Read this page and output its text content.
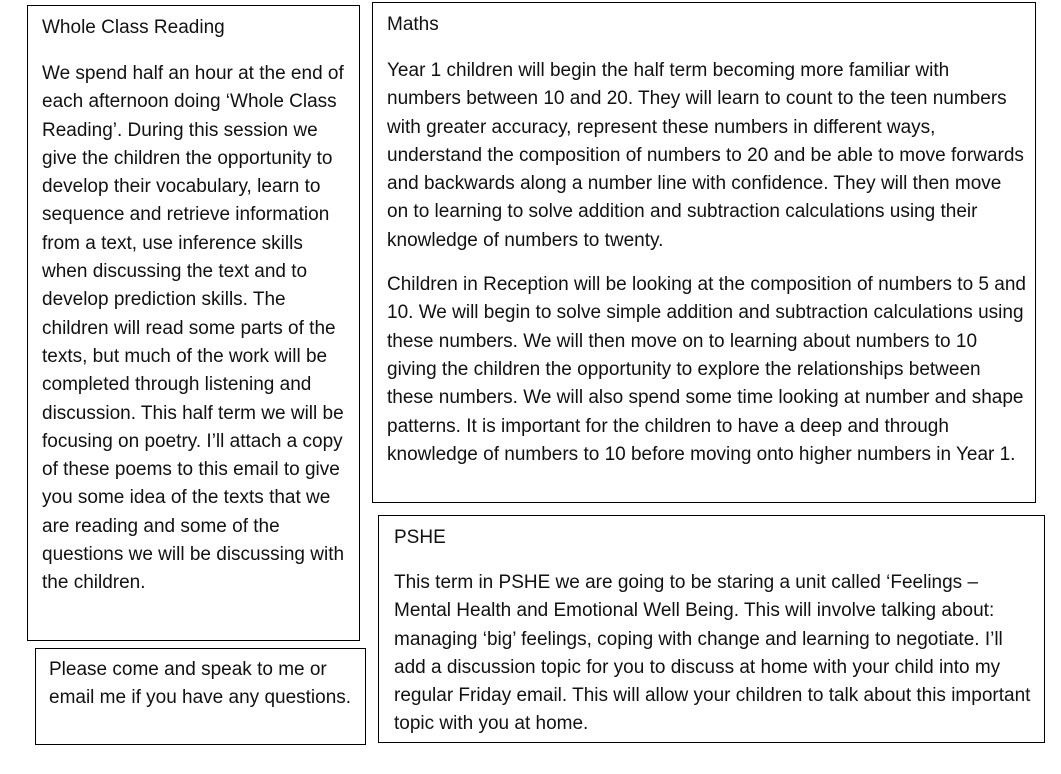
Whole Class Reading

We spend half an hour at the end of each afternoon doing ‘Whole Class Reading’. During this session we give the children the opportunity to develop their vocabulary, learn to sequence and retrieve information from a text, use inference skills when discussing the text and to develop prediction skills. The children will read some parts of the texts, but much of the work will be completed through listening and discussion. This half term we will be focusing on poetry. I’ll attach a copy of these poems to this email to give you some idea of the texts that we are reading and some of the questions we will be discussing with the children.

Maths

Year 1 children will begin the half term becoming more familiar with numbers between 10 and 20. They will learn to count to the teen numbers with greater accuracy, represent these numbers in different ways, understand the composition of numbers to 20 and be able to move forwards and backwards along a number line with confidence. They will then move on to learning to solve addition and subtraction calculations using their knowledge of numbers to twenty.

Children in Reception will be looking at the composition of numbers to 5 and 10. We will begin to solve simple addition and subtraction calculations using these numbers. We will then move on to learning about numbers to 10 giving the children the opportunity to explore the relationships between these numbers. We will also spend some time looking at number and shape patterns. It is important for the children to have a deep and through knowledge of numbers to 10 before moving onto higher numbers in Year 1.

PSHE

This term in PSHE we are going to be staring a unit called ‘Feelings – Mental Health and Emotional Well Being. This will involve talking about: managing ‘big’ feelings, coping with change and learning to negotiate. I’ll add a discussion topic for you to discuss at home with your child into my regular Friday email. This will allow your children to talk about this important topic with you at home.

Please come and speak to me or email me if you have any questions.
